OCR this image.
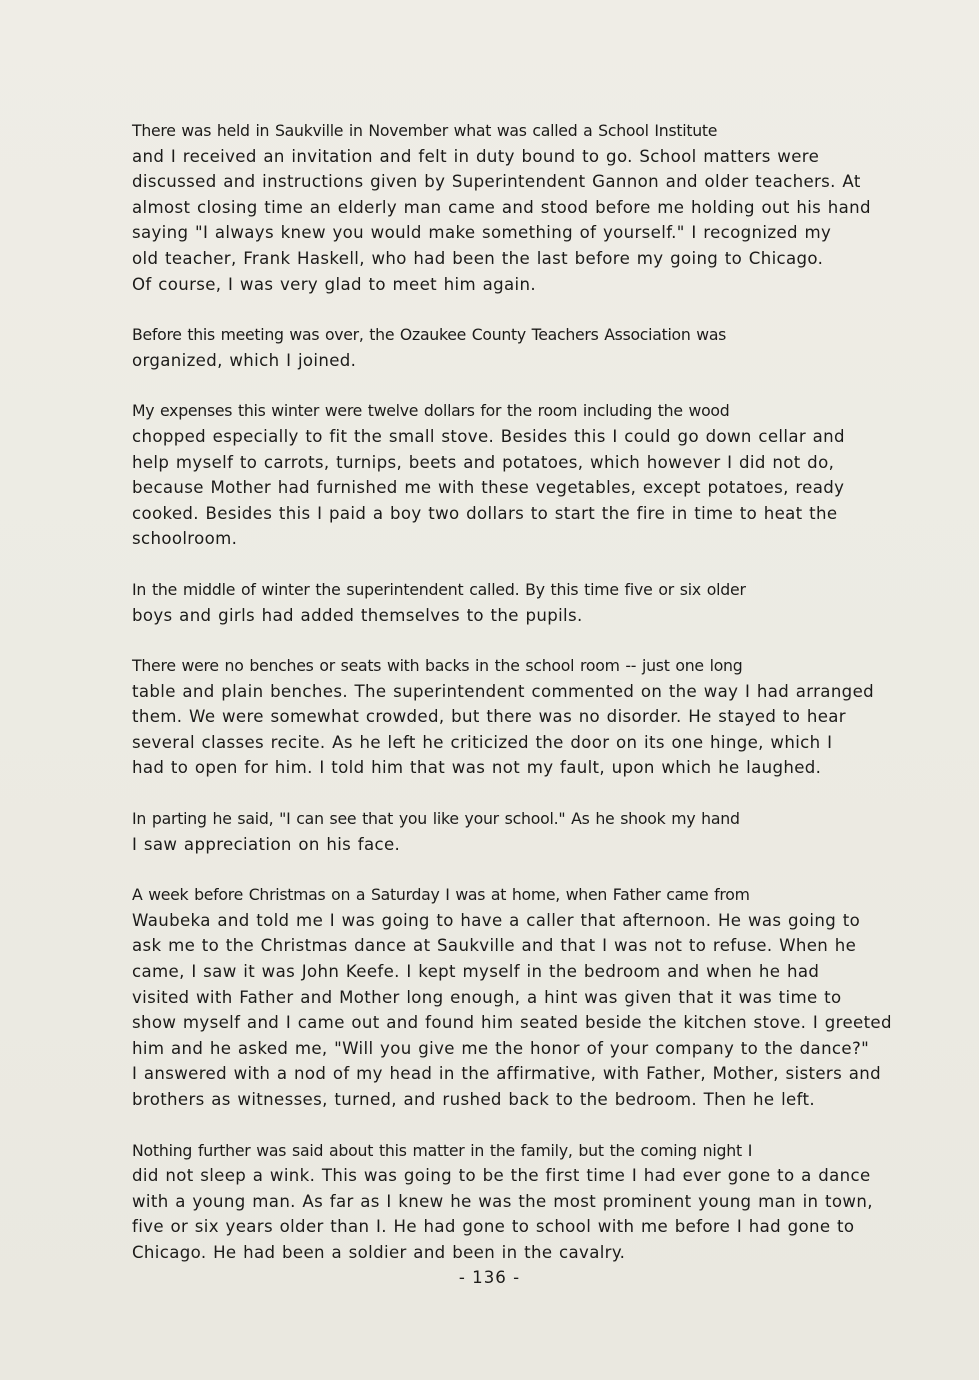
There was held in Saukville in November what was called a School Institute
and I received an invitation and felt in duty bound to go. School matters were
discussed and instructions given by Superintendent Gannon and older teachers. At
almost closing time an elderly man came and stood before me holding out his hand
saying "I always knew you would make something of yourself." I recognized my
old teacher, Frank Haskell, who had been the last before my going to Chicago.
Of course, I was very glad to meet him again.

Before this meeting was over, the Ozaukee County Teachers Association was
organized, which I joined.

My expenses this winter were twelve dollars for the room including the wood
chopped especially to fit the small stove. Besides this I could go down cellar and
help myself to carrots, turnips, beets and potatoes, which however I did not do,
because Mother had furnished me with these vegetables, except potatoes, ready
cooked. Besides this I paid a boy two dollars to start the fire in time to heat the
schoolroom.

In the middle of winter the superintendent called. By this time five or six older
boys and girls had added themselves to the pupils.

There were no benches or seats with backs in the school room -- just one long
table and plain benches. The superintendent commented on the way I had arranged
them. We were somewhat crowded, but there was no disorder. He stayed to hear
several classes recite. As he left he criticized the door on its one hinge, which I
had to open for him. I told him that was not my fault, upon which he laughed.

In parting he said, "I can see that you like your school." As he shook my hand
I saw appreciation on his face.

A week before Christmas on a Saturday I was at home, when Father came from
Waubeka and told me I was going to have a caller that afternoon. He was going to
ask me to the Christmas dance at Saukville and that I was not to refuse. When he
came, I saw it was John Keefe. I kept myself in the bedroom and when he had
visited with Father and Mother long enough, a hint was given that it was time to
show myself and I came out and found him seated beside the kitchen stove. I greeted
him and he asked me, "Will you give me the honor of your company to the dance?"
I answered with a nod of my head in the affirmative, with Father, Mother, sisters and
brothers as witnesses, turned, and rushed back to the bedroom. Then he left.

Nothing further was said about this matter in the family, but the coming night I
did not sleep a wink. This was going to be the first time I had ever gone to a dance
with a young man. As far as I knew he was the most prominent young man in town,
five or six years older than I. He had gone to school with me before I had gone to
Chicago. He had been a soldier and been in the cavalry.

- 136 -
